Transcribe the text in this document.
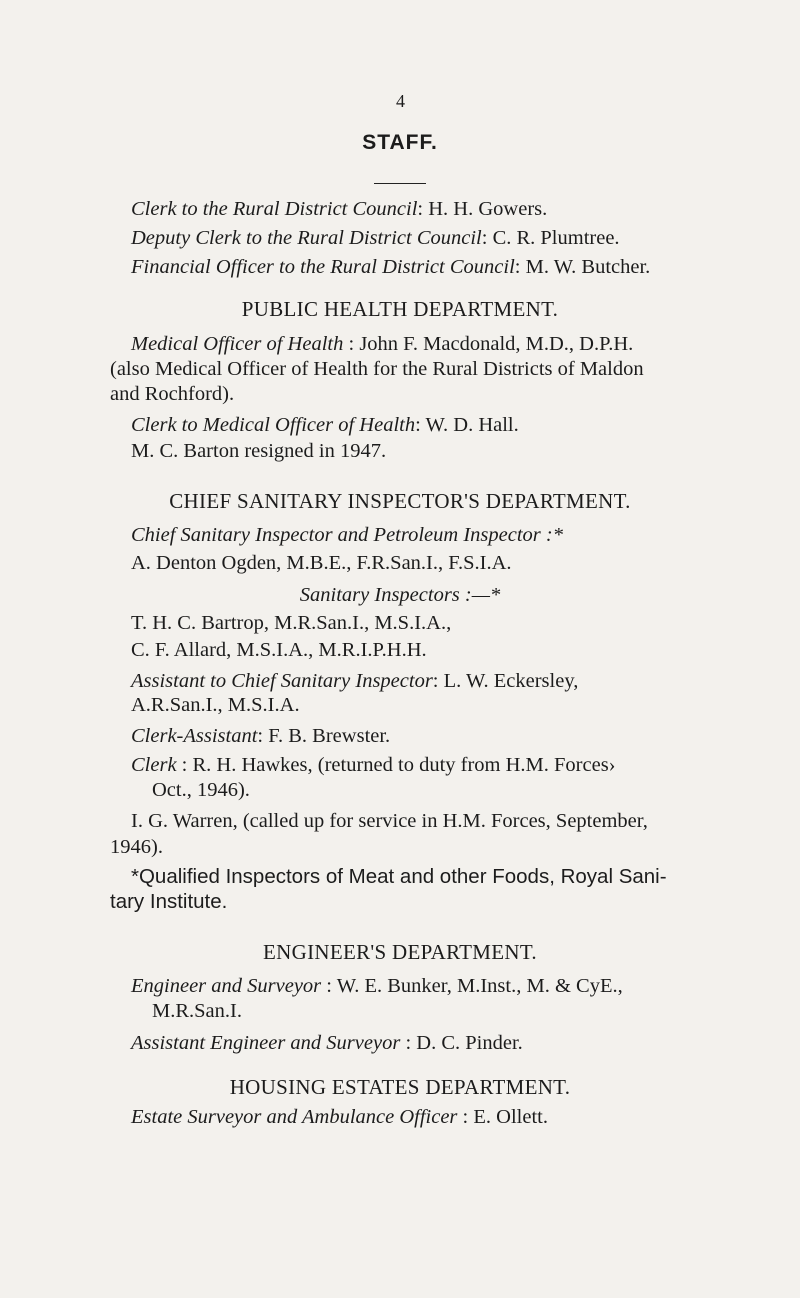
4
STAFF.
Clerk to the Rural District Council: H. H. Gowers.
Deputy Clerk to the Rural District Council: C. R. Plumtree.
Financial Officer to the Rural District Council: M. W. Butcher.
PUBLIC HEALTH DEPARTMENT.
Medical Officer of Health : John F. Macdonald, M.D., D.P.H.
(also Medical Officer of Health for the Rural Districts of Maldon
and Rochford).
Clerk to Medical Officer of Health: W. D. Hall.
M. C. Barton resigned in 1947.
CHIEF SANITARY INSPECTOR'S DEPARTMENT.
Chief Sanitary Inspector and Petroleum Inspector :*
A. Denton Ogden, M.B.E., F.R.San.I., F.S.I.A.
Sanitary Inspectors :—*
T. H. C. Bartrop, M.R.San.I., M.S.I.A.,
C. F. Allard, M.S.I.A., M.R.I.P.H.H.
Assistant to Chief Sanitary Inspector: L. W. Eckersley,
A.R.San.I., M.S.I.A.
Clerk-Assistant: F. B. Brewster.
Clerk : R. H. Hawkes, (returned to duty from H.M. Forces›
Oct., 1946).
I. G. Warren, (called up for service in H.M. Forces, September,
1946).
*Qualified Inspectors of Meat and other Foods, Royal Sani-
tary Institute.
ENGINEER'S DEPARTMENT.
Engineer and Surveyor : W. E. Bunker, M.Inst., M. & CyE.,
M.R.San.I.
Assistant Engineer and Surveyor : D. C. Pinder.
HOUSING ESTATES DEPARTMENT.
Estate Surveyor and Ambulance Officer : E. Ollett.
